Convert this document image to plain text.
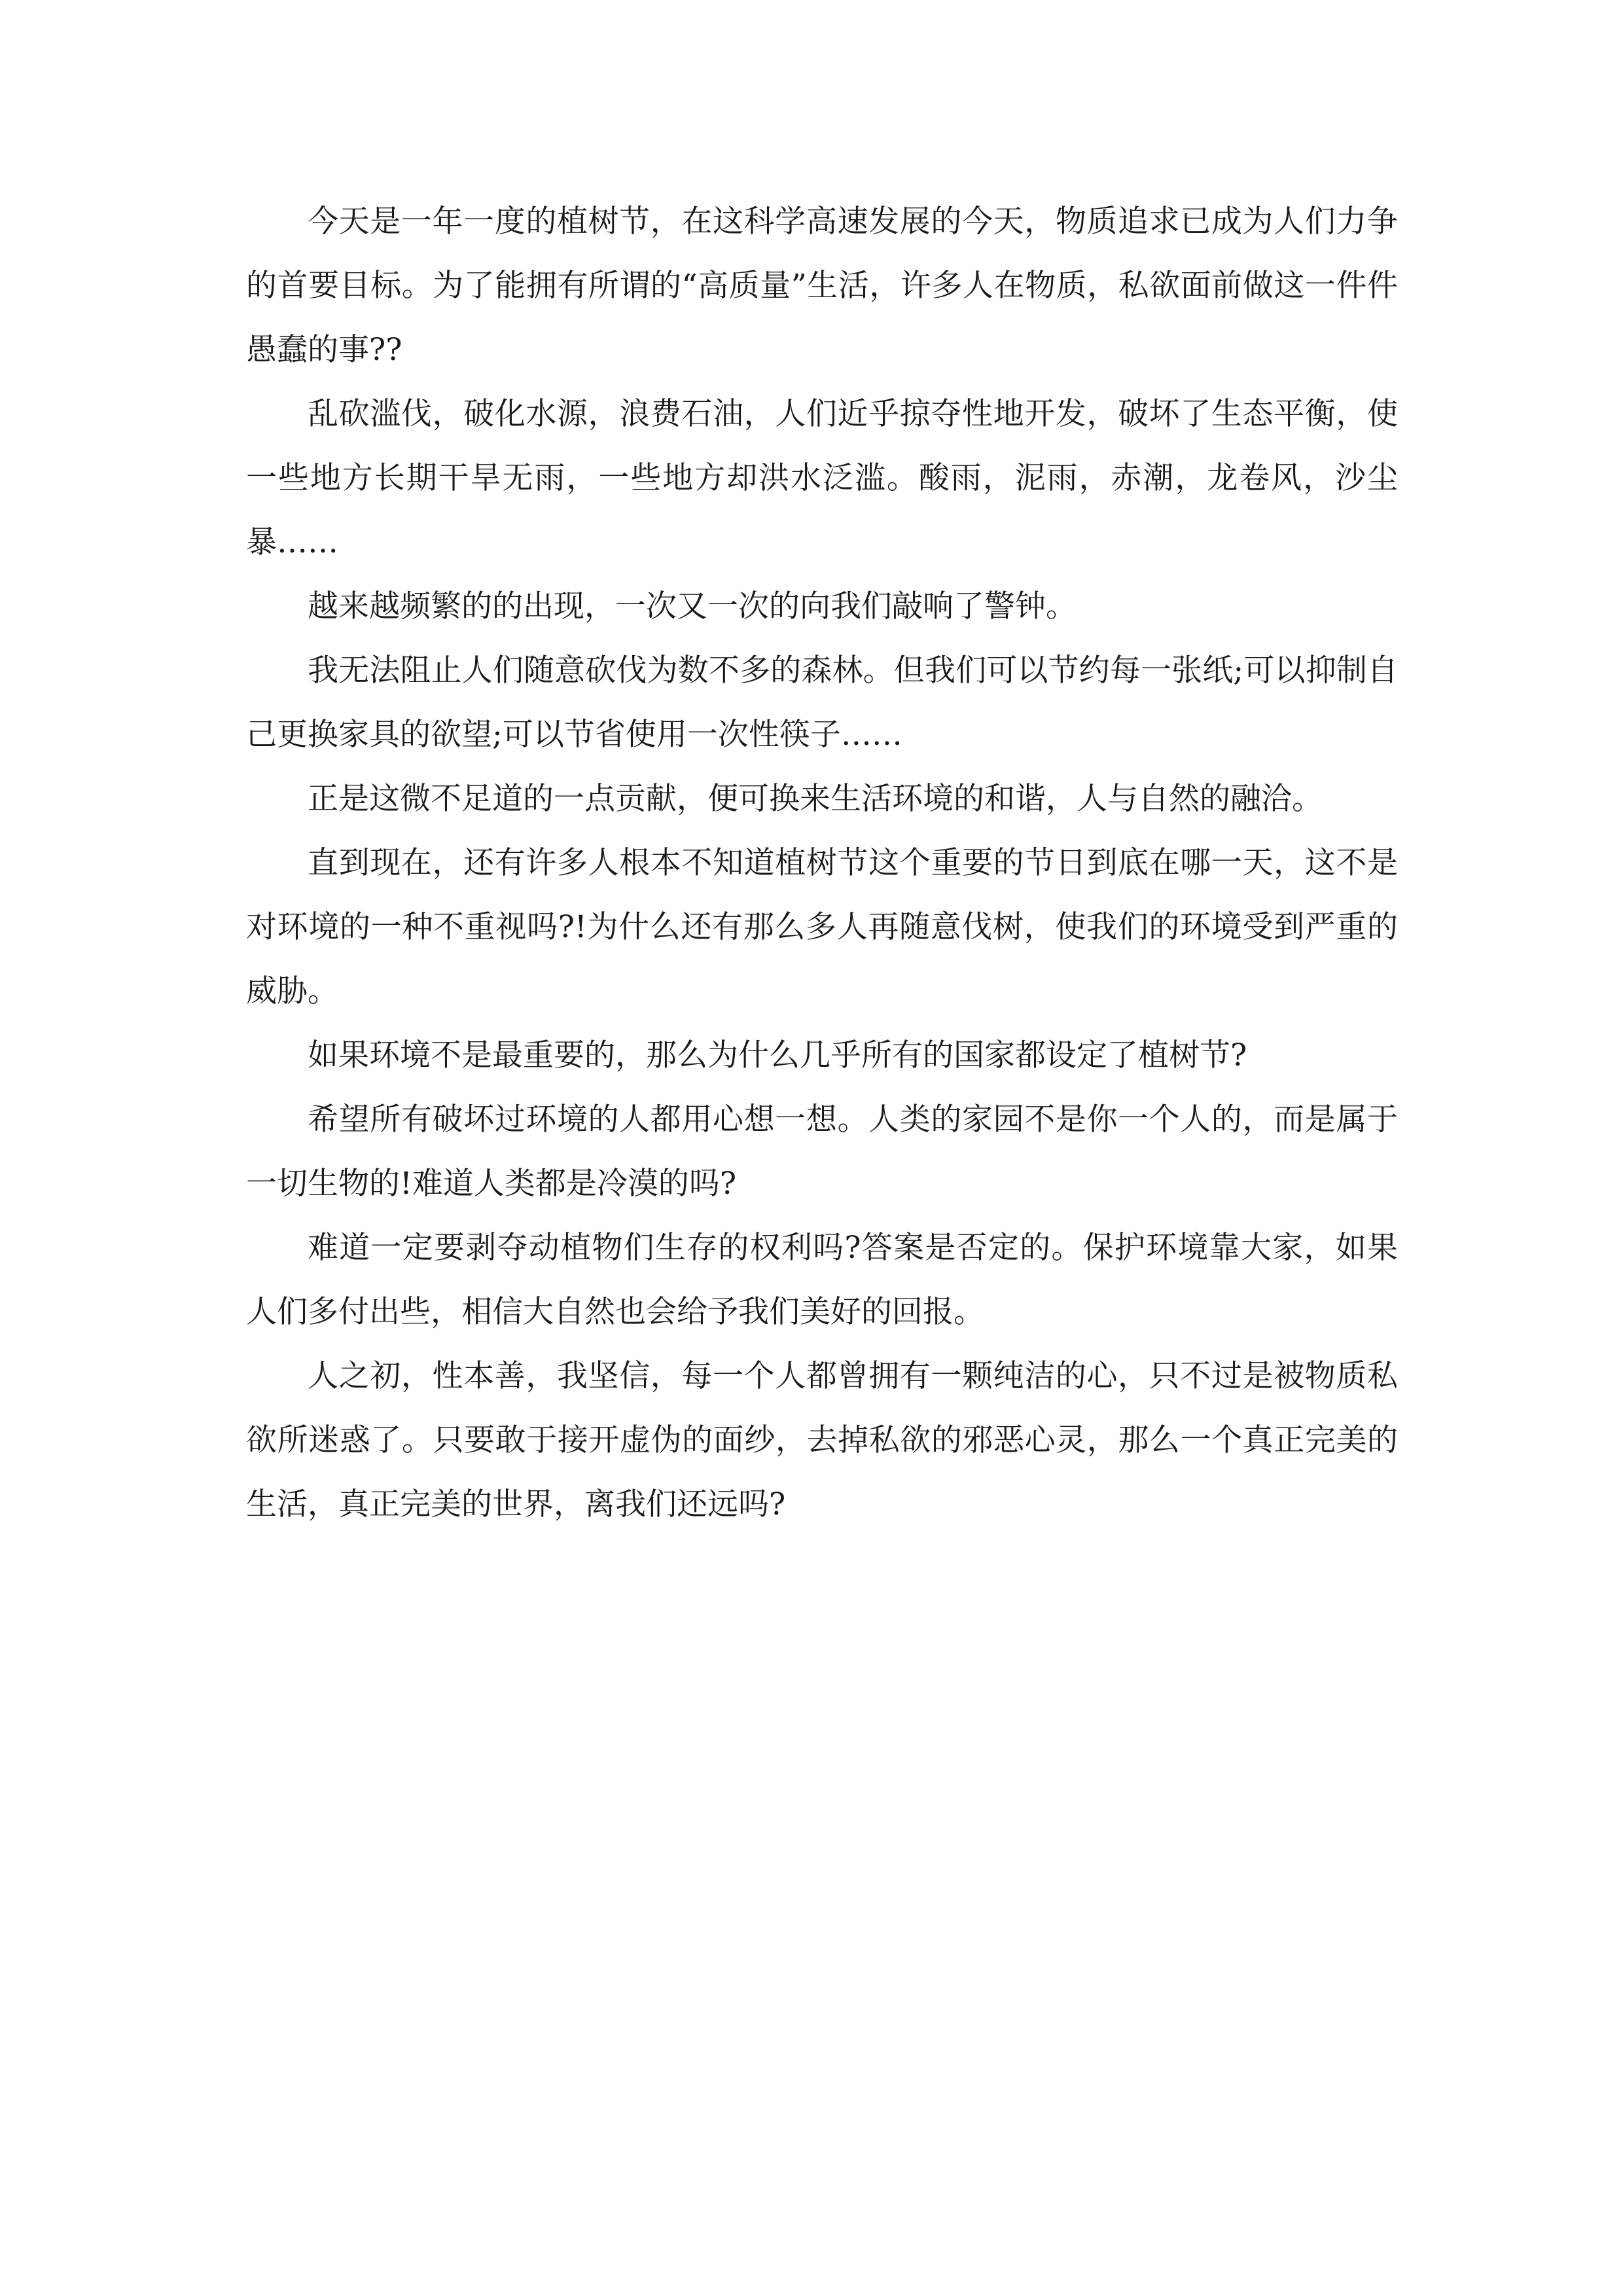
今天是一年一度的植树节，在这科学高速发展的今天，物质追求已成为人们力争的首要目标。为了能拥有所谓的“高质量”生活，许多人在物质，私欲面前做这一件件愚蠢的事??

乱砍滥伐，破化水源，浪费石油，人们近乎掠夺性地开发，破坏了生态平衡，使一些地方长期干旱无雨，一些地方却洪水泛滥。酸雨，泥雨，赤潮，龙卷风，沙尘暴……

越来越频繁的的出现，一次又一次的向我们敲响了警钟。

我无法阻止人们随意砍伐为数不多的森林。但我们可以节约每一张纸;可以抑制自己更换家具的欲望;可以节省使用一次性筷子……

正是这微不足道的一点贡献，便可换来生活环境的和谐，人与自然的融洽。

直到现在，还有许多人根本不知道植树节这个重要的节日到底在哪一天，这不是对环境的一种不重视吗?!为什么还有那么多人再随意伐树，使我们的环境受到严重的威胁。

如果环境不是最重要的，那么为什么几乎所有的国家都设定了植树节?

希望所有破坏过环境的人都用心想一想。人类的家园不是你一个人的，而是属于一切生物的!难道人类都是冷漠的吗?

难道一定要剥夺动植物们生存的权利吗?答案是否定的。保护环境靠大家，如果人们多付出些，相信大自然也会给予我们美好的回报。

人之初，性本善，我坚信，每一个人都曾拥有一颗纯洁的心，只不过是被物质私欲所迷惑了。只要敢于接开虚伪的面纱，去掉私欲的邪恶心灵，那么一个真正完美的生活，真正完美的世界，离我们还远吗?
